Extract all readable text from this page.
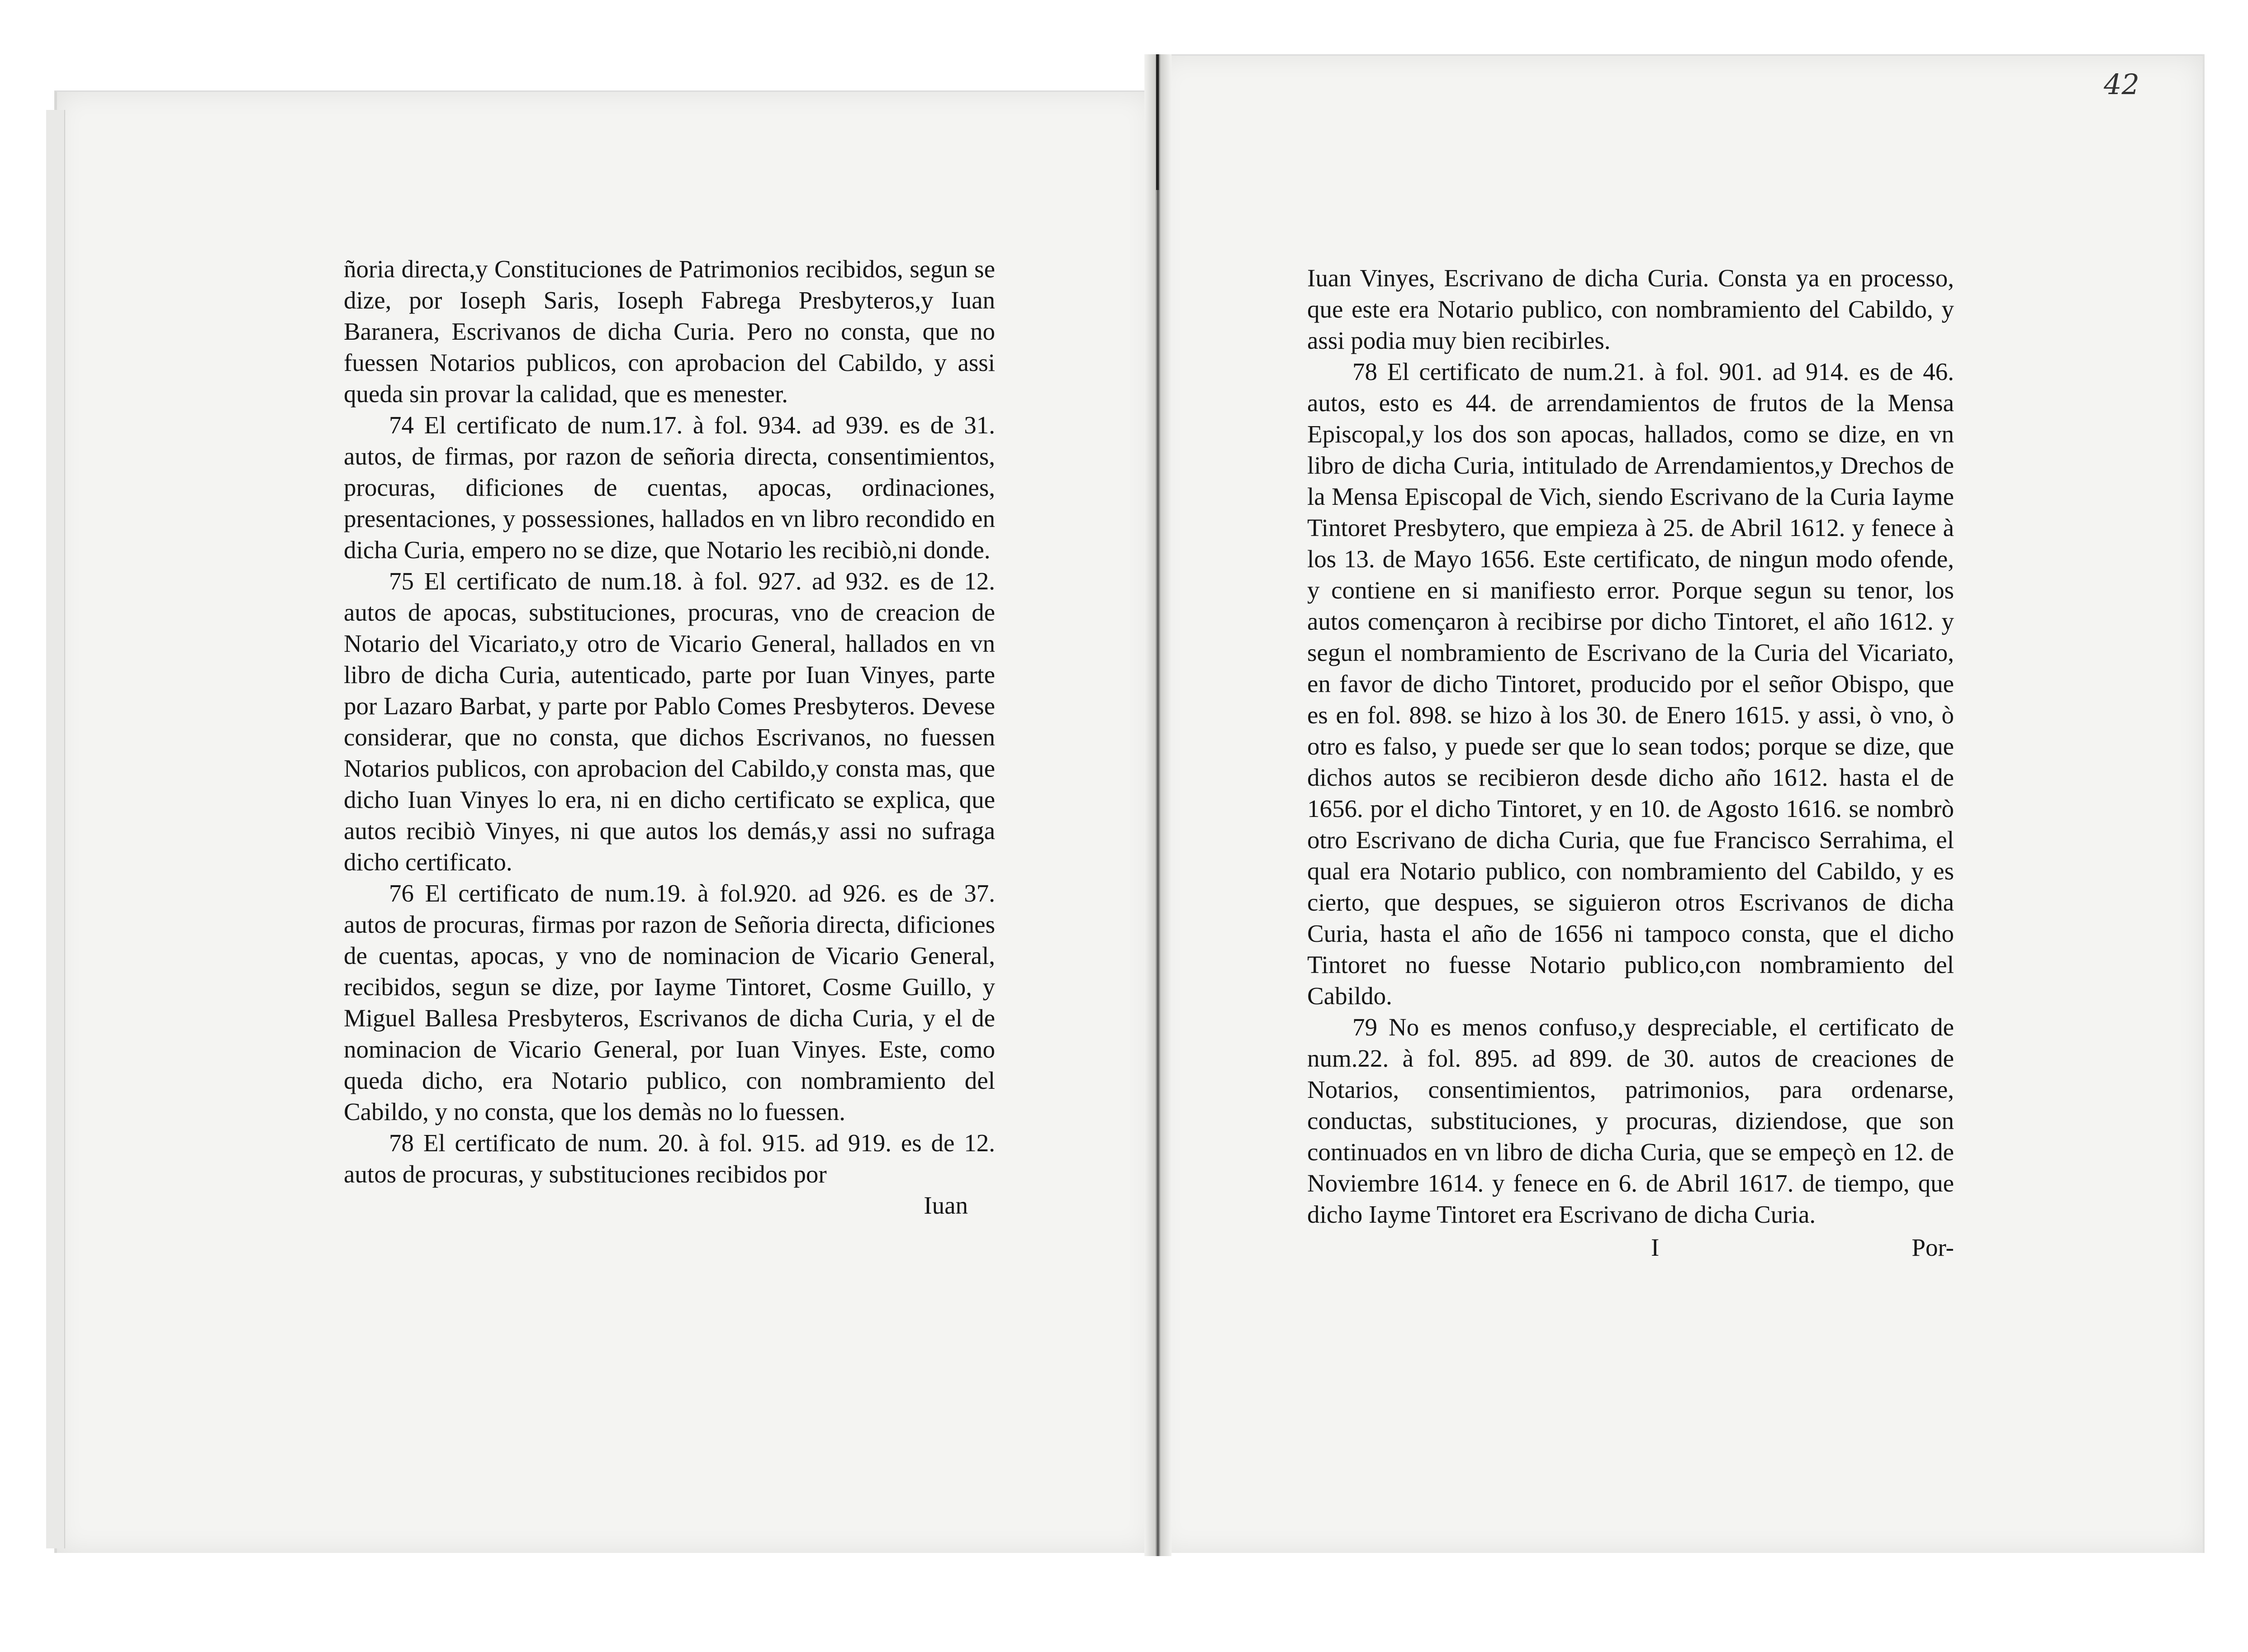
42

ñoria directa,y Constituciones de Patrimonios recibidos, segun se dize, por Ioseph Saris, Ioseph Fabrega Presbyteros,y Iuan Baranera, Escrivanos de dicha Curia. Pero no consta, que no fuessen Notarios publicos, con aprobacion del Cabildo, y assi queda sin provar la calidad, que es menester.

74 El certificato de num.17. à fol. 934. ad 939. es de 31. autos, de firmas, por razon de señoria directa, consentimientos, procuras, dificiones de cuentas, apocas, ordinaciones, presentaciones, y possessiones, hallados en vn libro recondido en dicha Curia, empero no se dize, que Notario les recibiò,ni donde.

75 El certificato de num.18. à fol. 927. ad 932. es de 12. autos de apocas, substituciones, procuras, vno de creacion de Notario del Vicariato,y otro de Vicario General, hallados en vn libro de dicha Curia, autenticado, parte por Iuan Vinyes, parte por Lazaro Barbat, y parte por Pablo Comes Presbyteros. Devese considerar, que no consta, que dichos Escrivanos, no fuessen Notarios publicos, con aprobacion del Cabildo,y consta mas, que dicho Iuan Vinyes lo era, ni en dicho certificato se explica, que autos recibiò Vinyes, ni que autos los demás,y assi no sufraga dicho certificato.

76 El certificato de num.19. à fol.920. ad 926. es de 37. autos de procuras, firmas por razon de Señoria directa, dificiones de cuentas, apocas, y vno de nominacion de Vicario General, recibidos, segun se dize, por Iayme Tintoret, Cosme Guillo, y Miguel Ballesa Presbyteros, Escrivanos de dicha Curia, y el de nominacion de Vicario General, por Iuan Vinyes. Este, como queda dicho, era Notario publico, con nombramiento del Cabildo, y no consta, que los demàs no lo fuessen.

78 El certificato de num. 20. à fol. 915. ad 919. es de 12. autos de procuras, y substituciones recibidos por

Iuan

Iuan Vinyes, Escrivano de dicha Curia. Consta ya en processo, que este era Notario publico, con nombramiento del Cabildo, y assi podia muy bien recibirles.

78 El certificato de num.21. à fol. 901. ad 914. es de 46. autos, esto es 44. de arrendamientos de frutos de la Mensa Episcopal,y los dos son apocas, hallados, como se dize, en vn libro de dicha Curia, intitulado de Arrendamientos,y Drechos de la Mensa Episcopal de Vich, siendo Escrivano de la Curia Iayme Tintoret Presbytero, que empieza à 25. de Abril 1612. y fenece à los 13. de Mayo 1656. Este certificato, de ningun modo ofende, y contiene en si manifiesto error. Porque segun su tenor, los autos començaron à recibirse por dicho Tintoret, el año 1612. y segun el nombramiento de Escrivano de la Curia del Vicariato, en favor de dicho Tintoret, producido por el señor Obispo, que es en fol. 898. se hizo à los 30. de Enero 1615. y assi, ò vno, ò otro es falso, y puede ser que lo sean todos; porque se dize, que dichos autos se recibieron desde dicho año 1612. hasta el de 1656. por el dicho Tintoret, y en 10. de Agosto 1616. se nombrò otro Escrivano de dicha Curia, que fue Francisco Serrahima, el qual era Notario publico, con nombramiento del Cabildo, y es cierto, que despues, se siguieron otros Escrivanos de dicha Curia, hasta el año de 1656 ni tampoco consta, que el dicho Tintoret no fuesse Notario publico,con nombramiento del Cabildo.

79 No es menos confuso,y despreciable, el certificato de num.22. à fol. 895. ad 899. de 30. autos de creaciones de Notarios, consentimientos, patrimonios, para ordenarse, conductas, substituciones, y procuras, diziendose, que son continuados en vn libro de dicha Curia, que se empeçò en 12. de Noviembre 1614. y fenece en 6. de Abril 1617. de tiempo, que dicho Iayme Tintoret era Escrivano de dicha Curia.

I	Por-
